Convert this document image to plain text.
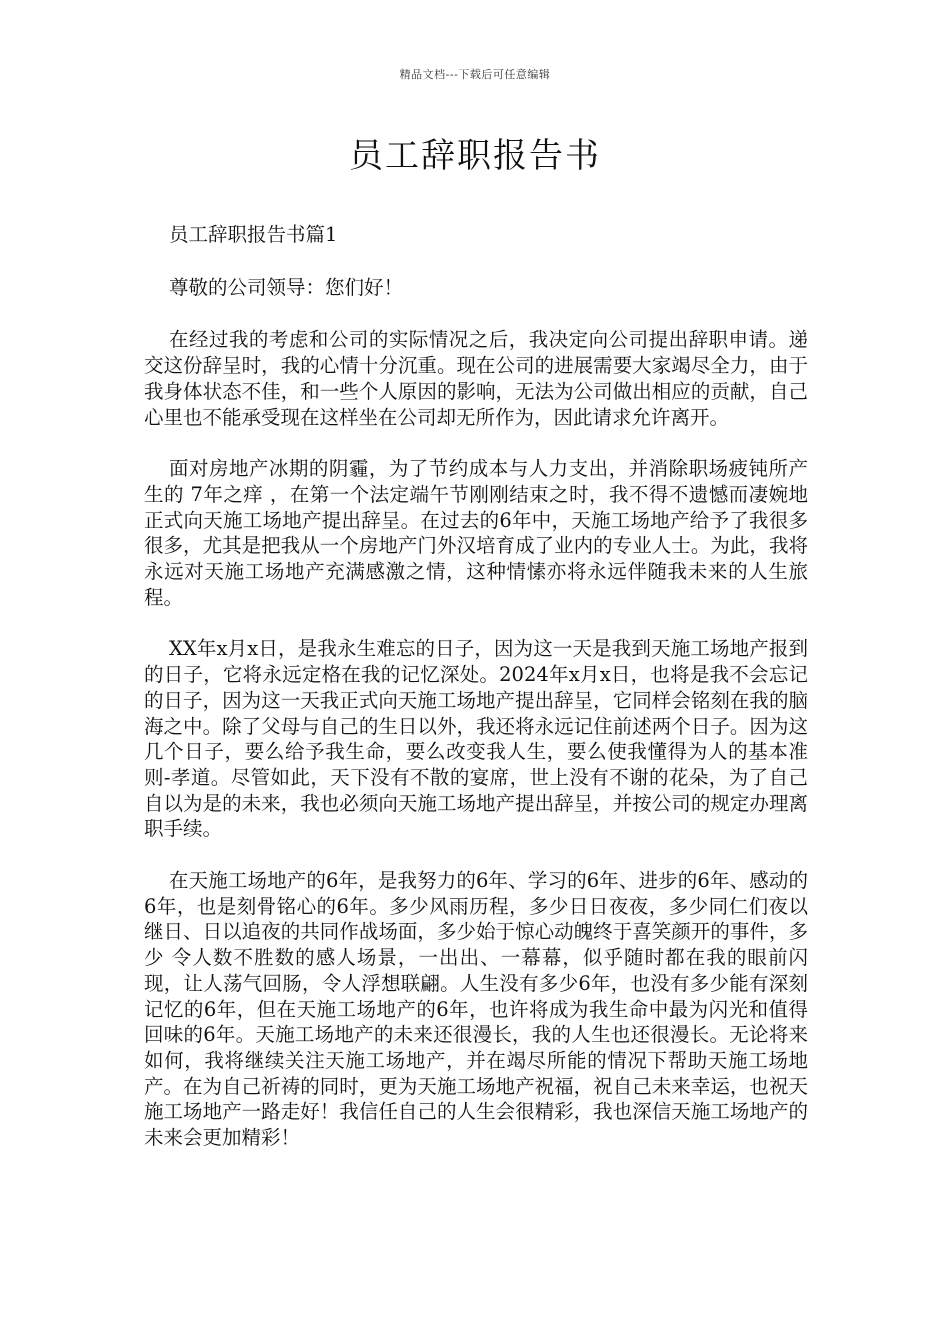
精品文档---下载后可任意编辑
员工辞职报告书

员工辞职报告书篇1

尊敬的公司领导：您们好！

在经过我的考虑和公司的实际情况之后，我决定向公司提出辞职申请。递交这份辞呈时，我的心情十分沉重。现在公司的进展需要大家竭尽全力，由于我身体状态不佳，和一些个人原因的影响，无法为公司做出相应的贡献，自己心里也不能承受现在这样坐在公司却无所作为，因此请求允许离开。

面对房地产冰期的阴霾，为了节约成本与人力支出，并消除职场疲钝所产生的 7年之痒 ，在第一个法定端午节刚刚结束之时，我不得不遗憾而凄婉地正式向天施工场地产提出辞呈。在过去的6年中，天施工场地产给予了我很多很多，尤其是把我从一个房地产门外汉培育成了业内的专业人士。为此，我将永远对天施工场地产充满感激之情，这种情愫亦将永远伴随我未来的人生旅程。

XX年x月x日，是我永生难忘的日子，因为这一天是我到天施工场地产报到的日子，它将永远定格在我的记忆深处。2024年x月x日，也将是我不会忘记的日子，因为这一天我正式向天施工场地产提出辞呈，它同样会铭刻在我的脑海之中。除了父母与自己的生日以外，我还将永远记住前述两个日子。因为这几个日子，要么给予我生命，要么改变我人生，要么使我懂得为人的基本准则-孝道。尽管如此，天下没有不散的宴席，世上没有不谢的花朵，为了自己自以为是的未来，我也必须向天施工场地产提出辞呈，并按公司的规定办理离职手续。

在天施工场地产的6年，是我努力的6年、学习的6年、进步的6年、感动的6年，也是刻骨铭心的6年。多少风雨历程，多少日日夜夜，多少同仁们夜以继日、日以追夜的共同作战场面，多少始于惊心动魄终于喜笑颜开的事件，多少 令人数不胜数的感人场景，一出出、一幕幕，似乎随时都在我的眼前闪现，让人荡气回肠，令人浮想联翩。人生没有多少6年，也没有多少能有深刻记忆的6年，但在天施工场地产的6年，也许将成为我生命中最为闪光和值得回味的6年。天施工场地产的未来还很漫长，我的人生也还很漫长。无论将来如何，我将继续关注天施工场地产，并在竭尽所能的情况下帮助天施工场地产。在为自己祈祷的同时，更为天施工场地产祝福，祝自己未来幸运，也祝天施工场地产一路走好！我信任自己的人生会很精彩，我也深信天施工场地产的未来会更加精彩！
